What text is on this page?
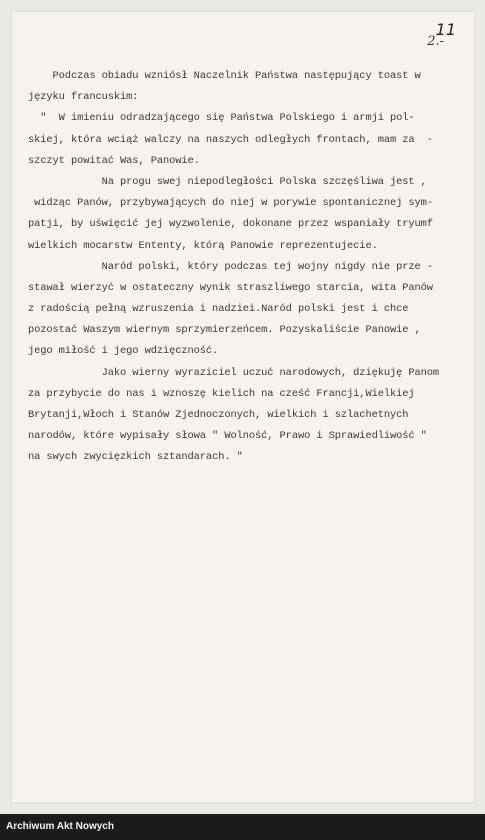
11
2.-
Podczas obiadu wzniósł Naczelnik Państwa następujący toast w
języku francuskim:
"  W imieniu odradzającego się Państwa Polskiego i armji pol-
skiej, która wciąż walczy na naszych odległych frontach, mam za  -
szczyt powitać Was, Panowie.
Na progu swej niepodległości Polska szczęśliwa jest ,
widząc Panów, przybywających do niej w porywie spontanicznej sym-
patji, by uświęcić jej wyzwolenie, dokonane przez wspaniały tryumf
wielkich mocarstw Ententy, którą Panowie reprezentujecie.
Naród polski, który podczas tej wojny nigdy nie prze -
stawał wierzyć w ostateczny wynik straszliwego starcia, wita Panów
z radością pełną wzruszenia i nadziei.Naród polski jest i chce
pozostać Waszym wiernym sprzymierzeńcem. Pozyskaliście Panowie ,
jego miłość i jego wdzięczność.
Jako wierny wyraziciel uczuć narodowych, dziękuję Panom
za przybycie do nas i wznoszę kielich na cześć Francji,Wielkiej
Brytanji,Włoch i Stanów Zjednoczonych, wielkich i szlachetnych
narodów, które wypisały słowa " Wolność, Prawo i Sprawiedliwość "
na swych zwycięzkich sztandarach. "
Archiwum Akt Nowych
